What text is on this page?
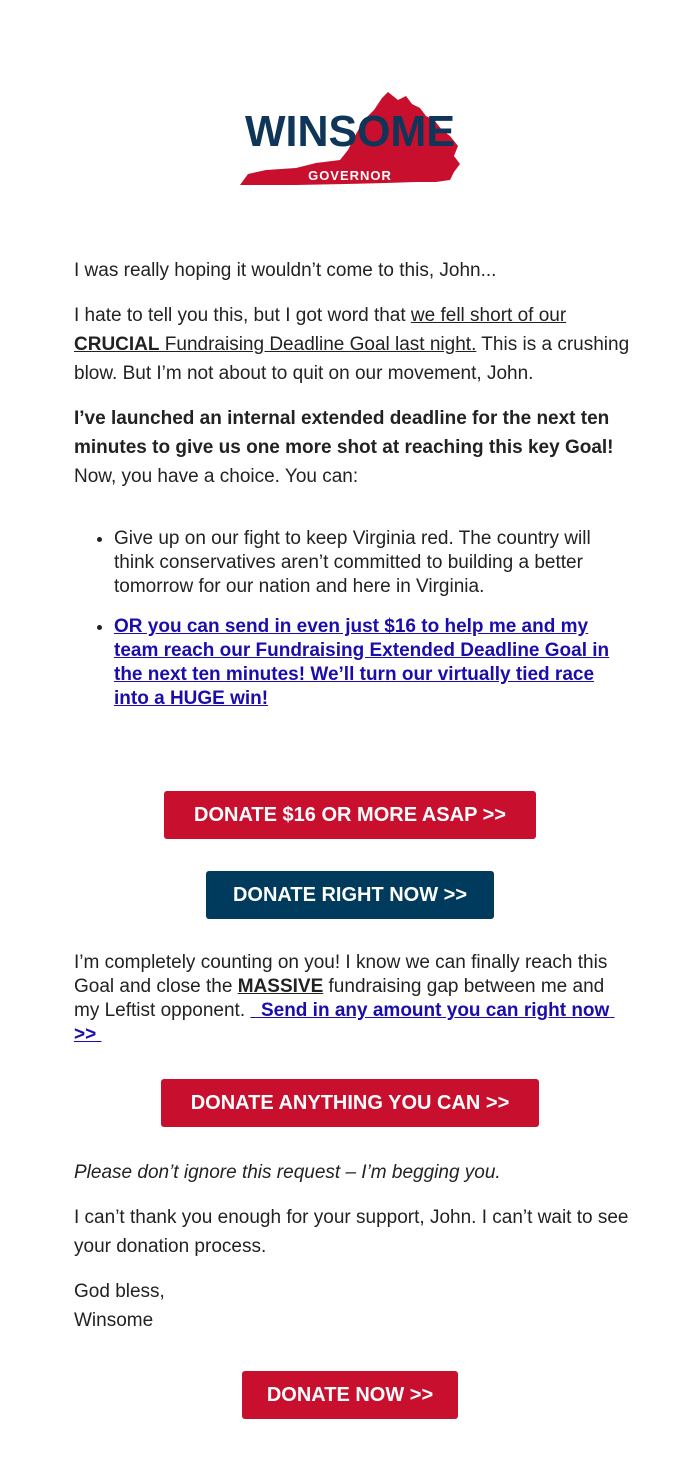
WINSOME
GOVERNOR

I was really hoping it wouldn’t come to this, John...

I hate to tell you this, but I got word that we fell short of our CRUCIAL Fundraising Deadline Goal last night. This is a crushing blow. But I’m not about to quit on our movement, John.

I’ve launched an internal extended deadline for the next ten minutes to give us one more shot at reaching this key Goal! Now, you have a choice. You can:

• Give up on our fight to keep Virginia red. The country will think conservatives aren’t committed to building a better tomorrow for our nation and here in Virginia.
• OR you can send in even just $16 to help me and my team reach our Fundraising Extended Deadline Goal in the next ten minutes! We’ll turn our virtually tied race into a HUGE win!
DONATE $16 OR MORE ASAP >>
DONATE RIGHT NOW >>

I’m completely counting on you! I know we can finally reach this Goal and close the MASSIVE fundraising gap between me and my Leftist opponent.   Send in any amount you can right now >>

DONATE ANYTHING YOU CAN >>

Please don’t ignore this request – I’m begging you.

I can’t thank you enough for your support, John. I can’t wait to see your donation process.

God bless,

Winsome

DONATE NOW >>
